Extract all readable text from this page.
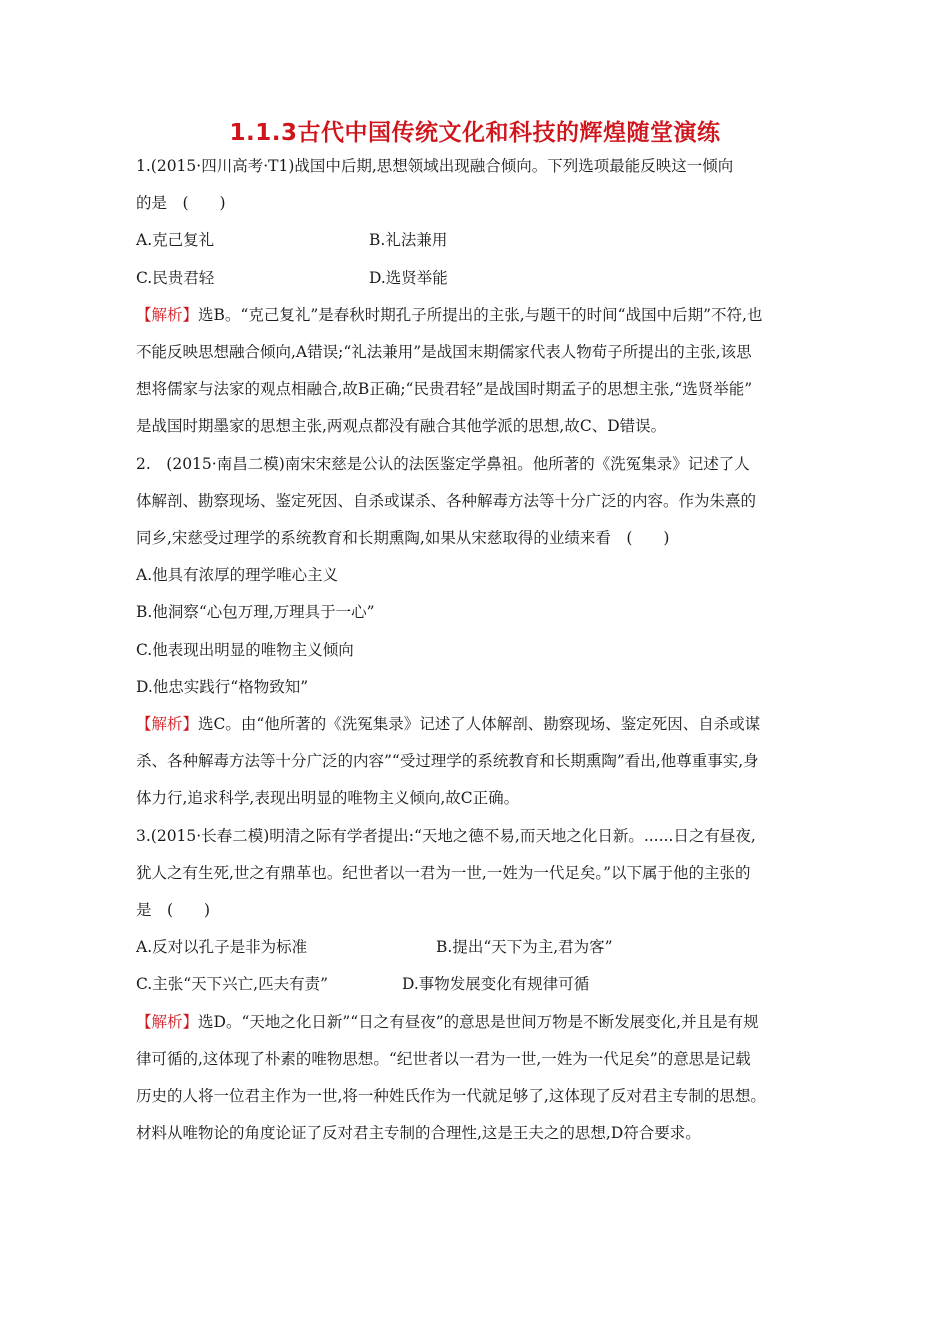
1.1.3古代中国传统文化和科技的辉煌随堂演练
1.(2015·四川高考·T1)战国中后期,思想领域出现融合倾向。下列选项最能反映这一倾向
的是　(　　)
A.克己复礼	B.礼法兼用
C.民贵君轻	D.选贤举能
【解析】选B。“克己复礼”是春秋时期孔子所提出的主张,与题干的时间“战国中后期”不符,也
不能反映思想融合倾向,A错误;“礼法兼用”是战国末期儒家代表人物荀子所提出的主张,该思
想将儒家与法家的观点相融合,故B正确;“民贵君轻”是战国时期孟子的思想主张,“选贤举能”
是战国时期墨家的思想主张,两观点都没有融合其他学派的思想,故C、D错误。
2.　(2015·南昌二模)南宋宋慈是公认的法医鉴定学鼻祖。他所著的《洗冤集录》记述了人
体解剖、勘察现场、鉴定死因、自杀或谋杀、各种解毒方法等十分广泛的内容。作为朱熹的
同乡,宋慈受过理学的系统教育和长期熏陶,如果从宋慈取得的业绩来看　(　　)
A.他具有浓厚的理学唯心主义
B.他洞察“心包万理,万理具于一心”
C.他表现出明显的唯物主义倾向
D.他忠实践行“格物致知”
【解析】选C。由“他所著的《洗冤集录》记述了人体解剖、勘察现场、鉴定死因、自杀或谋
杀、各种解毒方法等十分广泛的内容”“受过理学的系统教育和长期熏陶”看出,他尊重事实,身
体力行,追求科学,表现出明显的唯物主义倾向,故C正确。
3.(2015·长春二模)明清之际有学者提出:“天地之德不易,而天地之化日新。......日之有昼夜,
犹人之有生死,世之有鼎革也。纪世者以一君为一世,一姓为一代足矣。”以下属于他的主张的
是　(　　)
A.反对以孔子是非为标准	B.提出“天下为主,君为客”
C.主张“天下兴亡,匹夫有责”	D.事物发展变化有规律可循
【解析】选D。“天地之化日新”“日之有昼夜”的意思是世间万物是不断发展变化,并且是有规
律可循的,这体现了朴素的唯物思想。“纪世者以一君为一世,一姓为一代足矣”的意思是记载
历史的人将一位君主作为一世,将一种姓氏作为一代就足够了,这体现了反对君主专制的思想。
材料从唯物论的角度论证了反对君主专制的合理性,这是王夫之的思想,D符合要求。
